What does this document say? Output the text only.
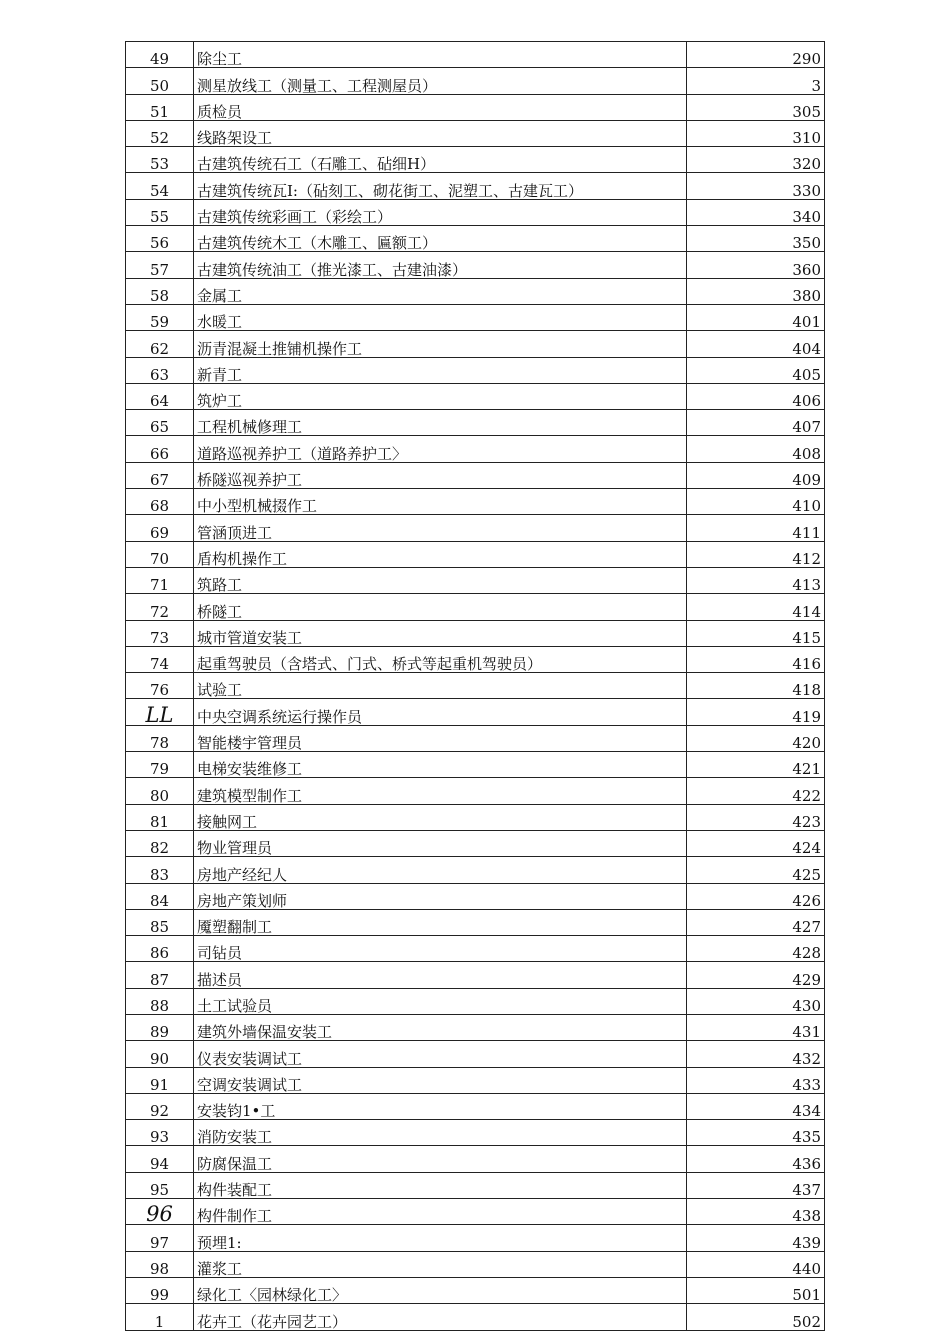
49	除尘工	290
50	测星放线工（测量工、工程测屋员）	3
51	质检员	305
52	线路架设工	310
53	古建筑传统石工（石雕工、砧细H）	320
54	古建筑传统瓦I:（砧刻工、砌花街工、泥塑工、古建瓦工）	330
55	古建筑传统彩画工（彩绘工）	340
56	古建筑传统木工（木雕工、匾额工）	350
57	古建筑传统油工（推光漆工、古建油漆）	360
58	金属工	380
59	水暖工	401
62	沥青混凝土推铺机操作工	404
63	新青工	405
64	筑炉工	406
65	工程机械修理工	407
66	道路巡视养护工（道路养护工〉	408
67	桥隧巡视养护工	409
68	中小型机械掇作工	410
69	管涵顶进工	411
70	盾构机操作工	412
71	筑路工	413
72	桥隧工	414
73	城市管道安装工	415
74	起重驾驶员（含塔式、门式、桥式等起重机驾驶员）	416
76	试验工	418
LL	中央空调系统运行操作员	419
78	智能楼宇管理员	420
79	电梯安装维修工	421
80	建筑模型制作工	422
81	接触网工	423
82	物业管理员	424
83	房地产经纪人	425
84	房地产策划师	426
85	魇塑翻制工	427
86	司钻员	428
87	描述员	429
88	土工试验员	430
89	建筑外墙保温安装工	431
90	仪表安装调试工	432
91	空调安装调试工	433
92	安装钧1•工	434
93	消防安装工	435
94	防腐保温工	436
95	构件装配工	437
96	构件制作工	438
97	预埋1:	439
98	灌浆工	440
99	绿化工〈园林绿化工〉	501
1	花卉工（花卉园艺工）	502
